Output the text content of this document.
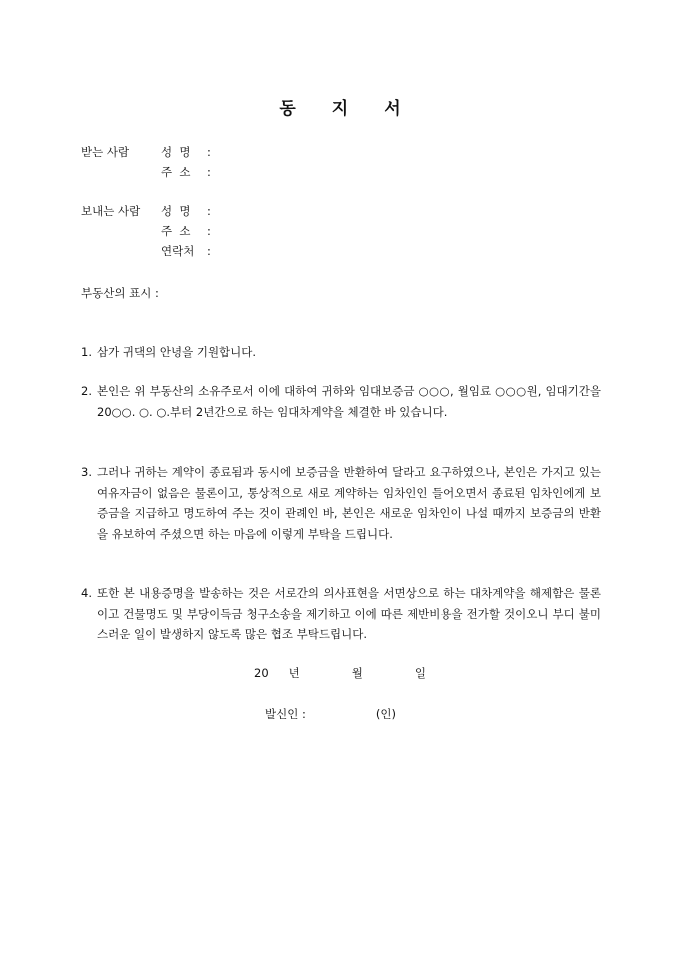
동 지 서
받는 사람	성  명	:
주  소	:
보내는 사람	성  명	:
주  소	:
연락처	:
부동산의 표시 :
1. 삼가 귀댁의 안녕을 기원합니다.
2. 본인은 위 부동산의 소유주로서 이에 대하여 귀하와 임대보증금 ○○○, 월임료 ○○○원, 임대기간을 20○○. ○. ○.부터 2년간으로 하는 임대차계약을 체결한 바 있습니다.
3. 그러나 귀하는 계약이 종료됨과 동시에 보증금을 반환하여 달라고 요구하였으나, 본인은 가지고 있는 여유자금이 없음은 물론이고, 통상적으로 새로 계약하는 임차인인 들어오면서 종료된 임차인에게 보증금을 지급하고 명도하여 주는 것이 관례인 바, 본인은 새로운 임차인이 나설 때까지 보증금의 반환을 유보하여 주셨으면 하는 마음에 이렇게 부탁을 드립니다.
4. 또한 본 내용증명을 발송하는 것은 서로간의 의사표현을 서면상으로 하는 대차계약을 해제함은 물론이고 건물명도 및 부당이득금 청구소송을 제기하고 이에 따른 제반비용을 전가할 것이오니 부디 불미스러운 일이 발생하지 않도록 많은 협조 부탁드립니다.
20 년	월	일
발신인 :	(인)
